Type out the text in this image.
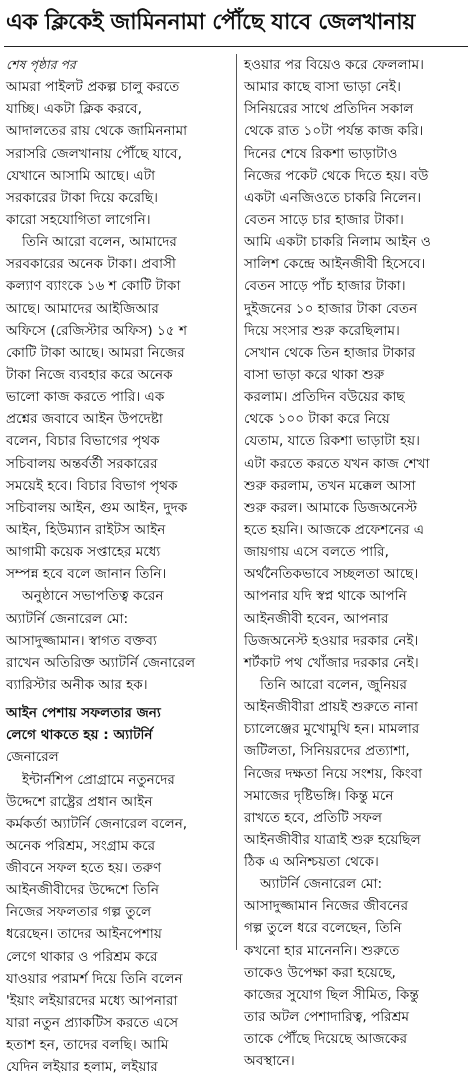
এক ক্লিকেই জামিননামা পৌঁছে যাবে জেলখানায়
শেষ পৃষ্ঠার পর
আমরা পাইলট প্রকল্প চালু করতে
যাচ্ছি। একটা ক্লিক করবে,
আদালতের রায় থেকে জামিননামা
সরাসরি জেলখানায় পৌঁছে যাবে,
যেখানে আসামি আছে। এটা
সরকারের টাকা দিয়ে করেছি।
কারো সহযোগিতা লাগেনি।
তিনি আরো বলেন, আমাদের
সরবকারের অনেক টাকা। প্রবাসী
কল্যাণ ব্যাংকে ১৬ শ কোটি টাকা
আছে। আমাদের আইজিআর
অফিসে (রেজিস্টার অফিস) ১৫ শ
কোটি টাকা আছে। আমরা নিজের
টাকা নিজে ব্যবহার করে অনেক
ভালো কাজ করতে পারি। এক
প্রশ্নের জবাবে আইন উপদেষ্টা
বলেন, বিচার বিভাগের পৃথক
সচিবালয় অন্তর্বর্তী সরকারের
সময়েই হবে। বিচার বিভাগ পৃথক
সচিবালয় আইন, গুম আইন, দুদক
আইন, হিউম্যান রাইটস আইন
আগামী কয়েক সপ্তাহের মধ্যে
সম্পন্ন হবে বলে জানান তিনি।
অনুষ্ঠানে সভাপতিত্ব করেন
অ্যাটর্নি জেনারেল মো:
আসাদুজ্জামান। স্বাগত বক্তব্য
রাখেন অতিরিক্ত অ্যাটর্নি জেনারেল
ব্যারিস্টার অনীক আর হক।
আইন পেশায় সফলতার জন্য
লেগে থাকতে হয় : অ্যাটর্নি
জেনারেল
ইন্টার্নশিপ প্রোগ্রামে নতুনদের
উদ্দেশে রাষ্ট্রের প্রধান আইন
কর্মকর্তা অ্যাটর্নি জেনারেল বলেন,
অনেক পরিশ্রম, সংগ্রাম করে
জীবনে সফল হতে হয়। তরুণ
আইনজীবীদের উদ্দেশে তিনি
নিজের সফলতার গল্প তুলে
ধরেছেন। তাদের আইনপেশায়
লেগে থাকার ও পরিশ্রম করে
যাওয়ার পরামর্শ দিয়ে তিনি বলেন
'ইয়াং লইয়ারদের মধ্যে আপনারা
যারা নতুন প্র্যাকটিস করতে এসে
হতাশ হন, তাদের বলছি। আমি
যেদিন লইয়ার হলাম, লইয়ার
হওয়ার পর বিয়েও করে ফেললাম।
আমার কাছে বাসা ভাড়া নেই।
সিনিয়রের সাথে প্রতিদিন সকাল
থেকে রাত ১০টা পর্যন্ত কাজ করি।
দিনের শেষে রিকশা ভাড়াটাও
নিজের পকেট থেকে দিতে হয়। বউ
একটা এনজিওতে চাকরি নিলেন।
বেতন সাড়ে চার হাজার টাকা।
আমি একটা চাকরি নিলাম আইন ও
সালিশ কেন্দ্রে আইনজীবী হিসেবে।
বেতন সাড়ে পাঁচ হাজার টাকা।
দুইজনের ১০ হাজার টাকা বেতন
দিয়ে সংসার শুরু করেছিলাম।
সেখান থেকে তিন হাজার টাকার
বাসা ভাড়া করে থাকা শুরু
করলাম। প্রতিদিন বউয়ের কাছ
থেকে ১০০ টাকা করে নিয়ে
যেতাম, যাতে রিকশা ভাড়াটা হয়।
এটা করতে করতে যখন কাজ শেখা
শুরু করলাম, তখন মক্কেল আসা
শুরু করল। আমাকে ডিজঅনেস্ট
হতে হয়নি। আজকে প্রফেশনের এ
জায়গায় এসে বলতে পারি,
অর্থনৈতিকভাবে সচ্ছলতা আছে।
আপনার যদি স্বপ্ন থাকে আপনি
আইনজীবী হবেন, আপনার
ডিজঅনেস্ট হওয়ার দরকার নেই।
শর্টকাট পথ খোঁজার দরকার নেই।
তিনি আরো বলেন, জুনিয়র
আইনজীবীরা প্রায়ই শুরুতে নানা
চ্যালেঞ্জের মুখোমুখি হন। মামলার
জটিলতা, সিনিয়রদের প্রত্যাশা,
নিজের দক্ষতা নিয়ে সংশয়, কিংবা
সমাজের দৃষ্টিভঙ্গি। কিন্তু মনে
রাখতে হবে, প্রতিটি সফল
আইনজীবীর যাত্রাই শুরু হয়েছিল
ঠিক এ অনিশ্চয়তা থেকে।
অ্যাটর্নি জেনারেল মো:
আসাদুজ্জামান নিজের জীবনের
গল্প তুলে ধরে বলেছেন, তিনি
কখনো হার মানেননি। শুরুতে
তাকেও উপেক্ষা করা হয়েছে,
কাজের সুযোগ ছিল সীমিত, কিন্তু
তার অটল পেশাদারিত্ব, পরিশ্রম
তাকে পৌঁছে দিয়েছে আজকের
অবস্থানে।
